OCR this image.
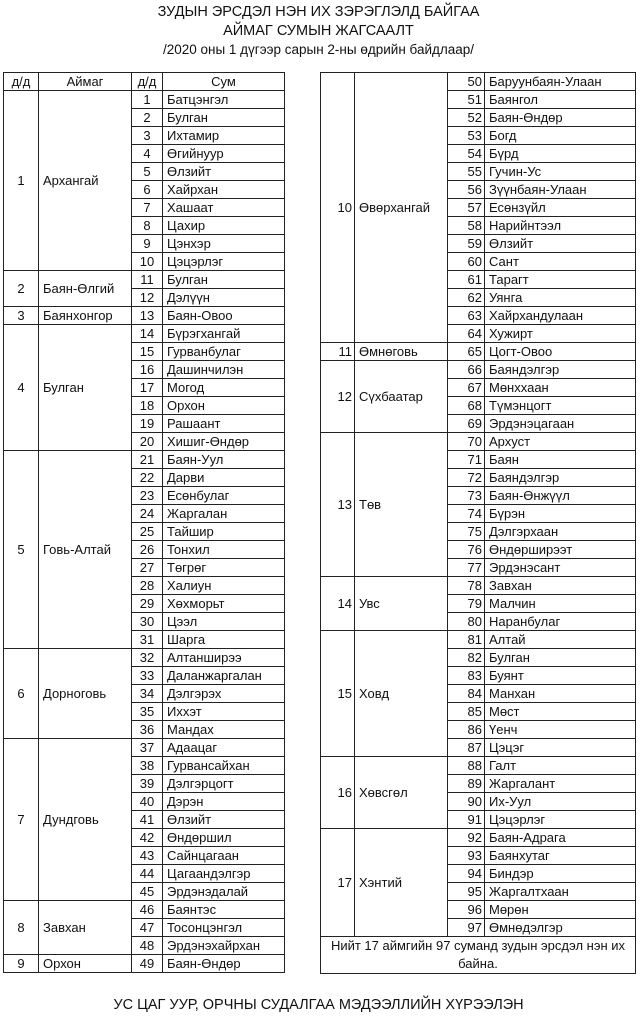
ЗУДЫН ЭРСДЭЛ НЭН ИХ ЗЭРЭГЛЭЛД БАЙГАА
АЙМАГ СУМЫН ЖАГСААЛТ
/2020 оны 1 дүгээр сарын 2-ны өдрийн байдлаар/
д/д	Аймаг	д/д	Сум
1	Архангай	1	Батцэнгэл
		2	Булган
		3	Ихтамир
		4	Өгийнуур
		5	Өлзийт
		6	Хайрхан
		7	Хашаат
		8	Цахир
		9	Цэнхэр
		10	Цэцэрлэг
2	Баян-Өлгий	11	Булган
		12	Дэлүүн
3	Баянхонгор	13	Баян-Овоо
4	Булган	14	Бүрэгхангай
		15	Гурванбулаг
		16	Дашинчилэн
		17	Могод
		18	Орхон
		19	Рашаант
		20	Хишиг-Өндөр
5	Говь-Алтай	21	Баян-Уул
		22	Дарви
		23	Есөнбулаг
		24	Жаргалан
		25	Тайшир
		26	Тонхил
		27	Төгрөг
		28	Халиун
		29	Хөхморьт
		30	Цээл
		31	Шарга
6	Дорноговь	32	Алтанширээ
		33	Даланжаргалан
		34	Дэлгэрэх
		35	Иххэт
		36	Мандах
7	Дундговь	37	Адаацаг
		38	Гурвансайхан
		39	Дэлгэрцогт
		40	Дэрэн
		41	Өлзийт
		42	Өндөршил
		43	Сайнцагаан
		44	Цагаандэлгэр
		45	Эрдэнэдалай
8	Завхан	46	Баянтэс
		47	Тосонцэнгэл
		48	Эрдэнэхайрхан
9	Орхон	49	Баян-Өндөр
10	Өвөрхангай	50	Баруунбаян-Улаан
		51	Баянгол
		52	Баян-Өндөр
		53	Богд
		54	Бүрд
		55	Гучин-Ус
		56	Зүүнбаян-Улаан
		57	Есөнзүйл
		58	Нарийнтээл
		59	Өлзийт
		60	Сант
		61	Тарагт
		62	Уянга
		63	Хайрхандулаан
		64	Хужирт
11	Өмнөговь	65	Цогт-Овоо
12	Сүхбаатар	66	Баяндэлгэр
		67	Мөнххаан
		68	Түмэнцогт
		69	Эрдэнэцагаан
13	Төв	70	Архуст
		71	Баян
		72	Баяндэлгэр
		73	Баян-Өнжүүл
		74	Бүрэн
		75	Дэлгэрхаан
		76	Өндөрширээт
		77	Эрдэнэсант
14	Увс	78	Завхан
		79	Малчин
		80	Наранбулаг
15	Ховд	81	Алтай
		82	Булган
		83	Буянт
		84	Манхан
		85	Мөст
		86	Үенч
		87	Цэцэг
16	Хөвсгөл	88	Галт
		89	Жаргалант
		90	Их-Уул
		91	Цэцэрлэг
17	Хэнтий	92	Баян-Адрага
		93	Баянхутаг
		94	Биндэр
		95	Жаргалтхаан
		96	Мөрөн
		97	Өмнөдэлгэр
Нийт 17 аймгийн 97 суманд зудын эрсдэл нэн их байна.			
УС ЦАГ УУР, ОРЧНЫ СУДАЛГАА МЭДЭЭЛЛИЙН ХҮРЭЭЛЭН
